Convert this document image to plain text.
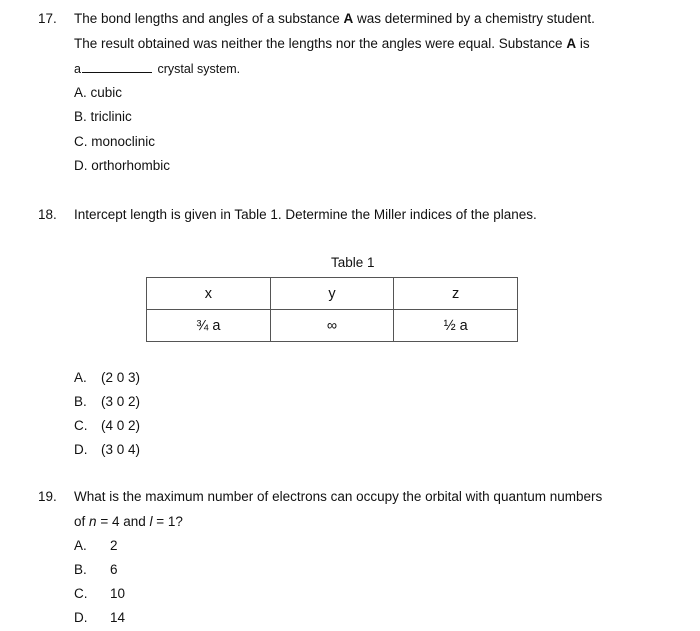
17. The bond lengths and angles of a substance A was determined by a chemistry student.
The result obtained was neither the lengths nor the angles were equal. Substance A is
a	crystal system.
A. cubic
B. triclinic
C. monoclinic
D. orthorhombic
18. Intercept length is given in Table 1. Determine the Miller indices of the planes.
Table 1
x	y	z
¾ a	∞	½ a
A. (2 0 3)
B. (3 0 2)
C. (4 0 2)
D. (3 0 4)
19. What is the maximum number of electrons can occupy the orbital with quantum numbers
of n = 4 and l = 1?
A. 2
B. 6
C. 10
D. 14
